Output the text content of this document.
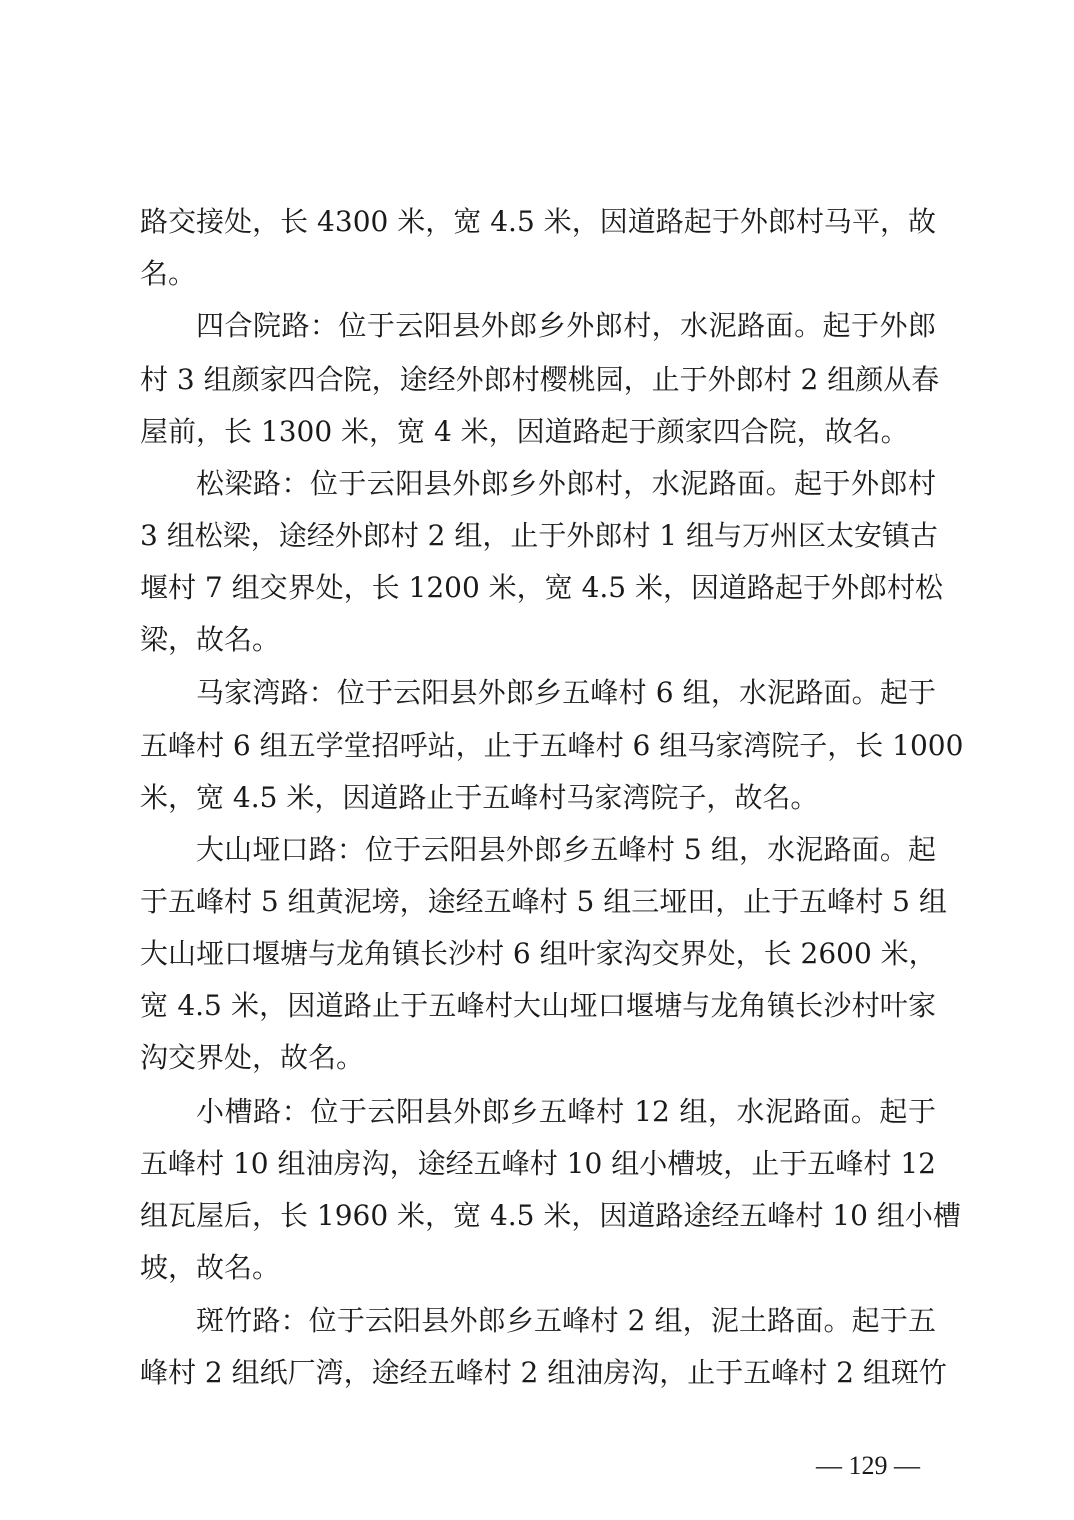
路交接处，长 4300 米，宽 4.5 米，因道路起于外郎村马平，故
名。
四合院路：位于云阳县外郎乡外郎村，水泥路面。起于外郎
村 3 组颜家四合院，途经外郎村樱桃园，止于外郎村 2 组颜从春
屋前，长 1300 米，宽 4 米，因道路起于颜家四合院，故名。
松梁路：位于云阳县外郎乡外郎村，水泥路面。起于外郎村
3 组松梁，途经外郎村 2 组，止于外郎村 1 组与万州区太安镇古
堰村 7 组交界处，长 1200 米，宽 4.5 米，因道路起于外郎村松
梁，故名。
马家湾路：位于云阳县外郎乡五峰村 6 组，水泥路面。起于
五峰村 6 组五学堂招呼站，止于五峰村 6 组马家湾院子，长 1000
米，宽 4.5 米，因道路止于五峰村马家湾院子，故名。
大山垭口路：位于云阳县外郎乡五峰村 5 组，水泥路面。起
于五峰村 5 组黄泥塝，途经五峰村 5 组三垭田，止于五峰村 5 组
大山垭口堰塘与龙角镇长沙村 6 组叶家沟交界处，长 2600 米，
宽 4.5 米，因道路止于五峰村大山垭口堰塘与龙角镇长沙村叶家
沟交界处，故名。
小槽路：位于云阳县外郎乡五峰村 12 组，水泥路面。起于
五峰村 10 组油房沟，途经五峰村 10 组小槽坡，止于五峰村 12
组瓦屋后，长 1960 米，宽 4.5 米，因道路途经五峰村 10 组小槽
坡，故名。
斑竹路：位于云阳县外郎乡五峰村 2 组，泥土路面。起于五
峰村 2 组纸厂湾，途经五峰村 2 组油房沟，止于五峰村 2 组斑竹
— 129 —
